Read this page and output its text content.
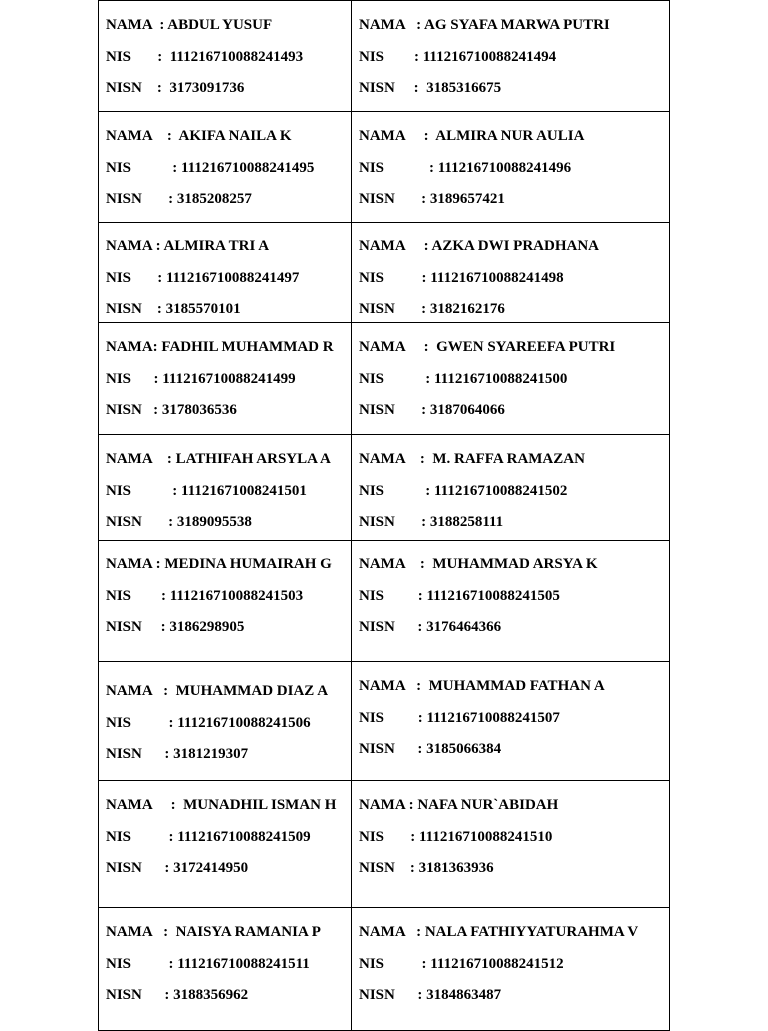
NAMA  : ABDUL YUSUF
NIS       :  111216710088241493
NISN    :  3173091736
NAMA   : AG SYAFA MARWA PUTRI
NIS        : 111216710088241494
NISN     :  3185316675
NAMA    :  AKIFA NAILA K
NIS           : 111216710088241495
NISN       : 3185208257
NAMA     :  ALMIRA NUR AULIA
NIS            : 111216710088241496
NISN       : 3189657421
NAMA : ALMIRA TRI A
NIS       : 111216710088241497
NISN    : 3185570101
NAMA     : AZKA DWI PRADHANA
NIS          : 111216710088241498
NISN       : 3182162176
NAMA: FADHIL MUHAMMAD R
NIS      : 111216710088241499
NISN   : 3178036536
NAMA     :  GWEN SYAREEFA PUTRI
NIS           : 111216710088241500
NISN       : 3187064066
NAMA    : LATHIFAH ARSYLA A
NIS           : 11121671008241501
NISN       : 3189095538
NAMA    :  M. RAFFA RAMAZAN
NIS           : 111216710088241502
NISN       : 3188258111
NAMA : MEDINA HUMAIRAH G
NIS        : 111216710088241503
NISN     : 3186298905
NAMA    :  MUHAMMAD ARSYA K
NIS         : 111216710088241505
NISN      : 3176464366
NAMA   :  MUHAMMAD DIAZ A
NIS          : 111216710088241506
NISN      : 3181219307
NAMA   :  MUHAMMAD FATHAN A
NIS         : 111216710088241507
NISN      : 3185066384
NAMA     :  MUNADHIL ISMAN H
NIS          : 111216710088241509
NISN      : 3172414950
NAMA : NAFA NUR`ABIDAH
NIS       : 111216710088241510
NISN    : 3181363936
NAMA   :  NAISYA RAMANIA P
NIS          : 111216710088241511
NISN      : 3188356962
NAMA   : NALA FATHIYYATURAHMA V
NIS          : 111216710088241512
NISN      : 3184863487
